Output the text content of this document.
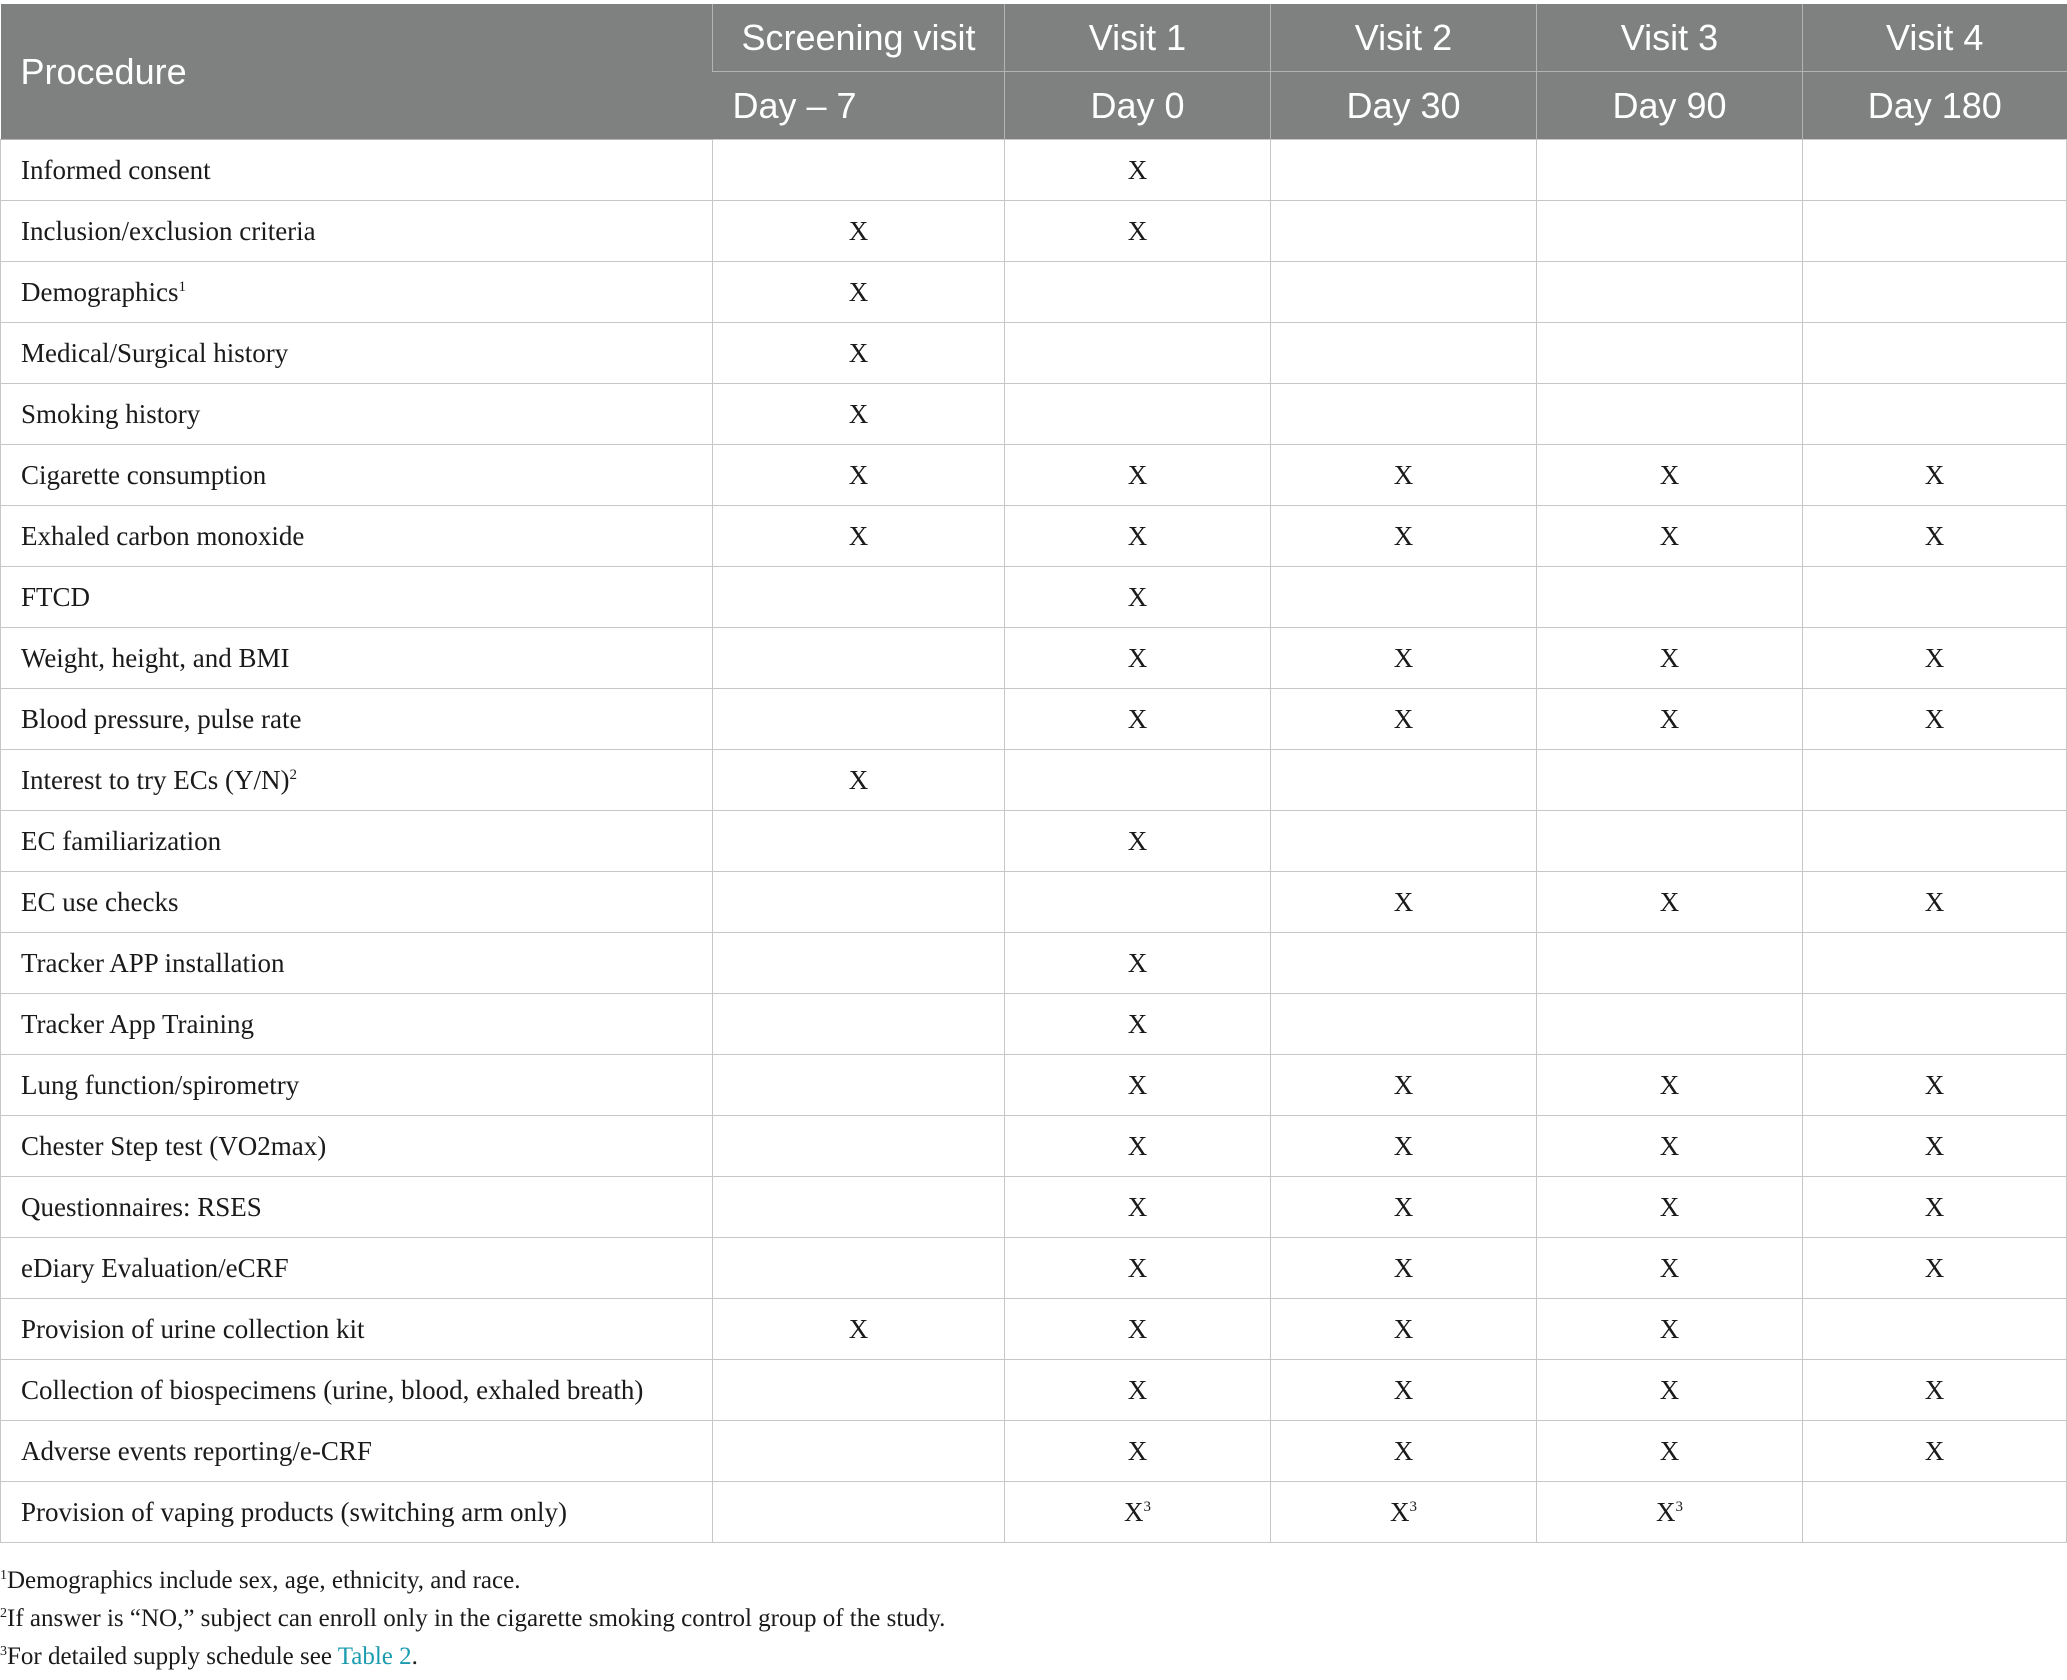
Procedure	Screening visit	Visit 1	Visit 2	Visit 3	Visit 4
	Day – 7	Day 0	Day 30	Day 90	Day 180
Informed consent		X			
Inclusion/exclusion criteria	X	X			
Demographics$^1$	X				
Medical/Surgical history	X				
Smoking history	X				
Cigarette consumption	X	X	X	X	X
Exhaled carbon monoxide	X	X	X	X	X
FTCD		X			
Weight, height, and BMI		X	X	X	X
Blood pressure, pulse rate		X	X	X	X
Interest to try ECs $(Y/N)^2$	X				
EC familiarization		X			
EC use checks			X	X	X
Tracker APP installation		X			
Tracker App Training		X			
Lung function/spirometry		X	X	X	X
Chester Step test (VO2max)		X	X	X	X
Questionnaires: RSES		X	X	X	X
eDiary Evaluation/eCRF		X	X	X	X
Provision of urine collection kit	X	X	X	X	
Collection of biospecimens (urine, blood, exhaled breath)		X	X	X	X
Adverse events reporting/e-CRF		X	X	X	X
Provision of vaping products (switching arm only)		$X^3$	$X^3$	$X^3$	
$^1$Demographics include sex, age, ethnicity, and race.
$^2$If answer is “NO,” subject can enroll only in the cigarette smoking control group of the study.
$^3$For detailed supply schedule see Table 2.
